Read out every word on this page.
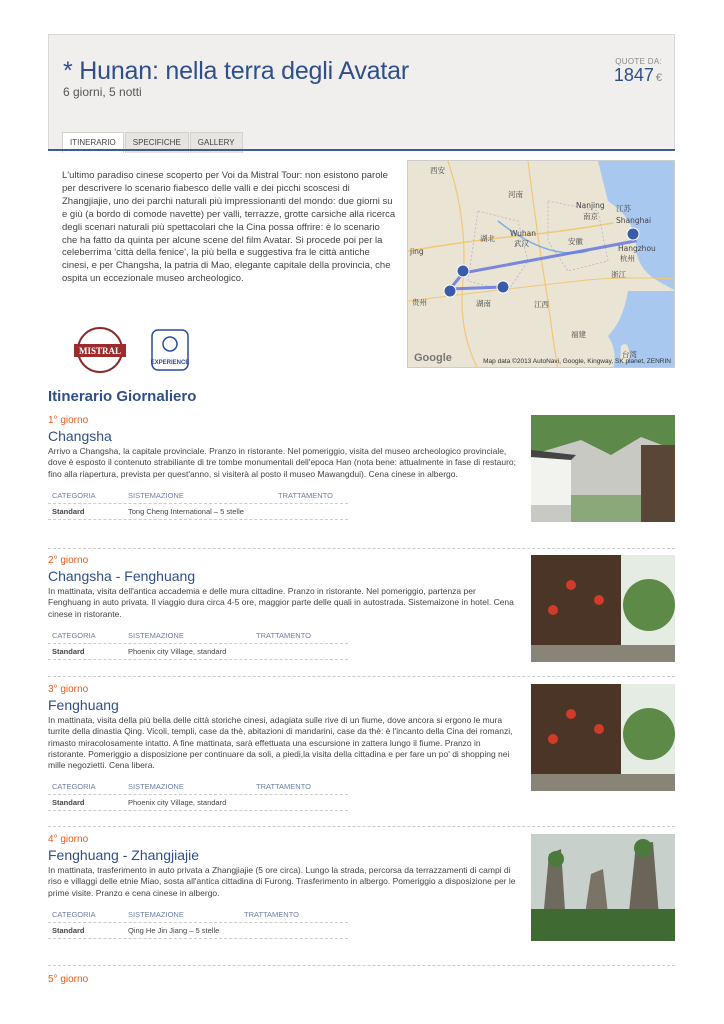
* Hunan: nella terra degli Avatar
6 giorni, 5 notti
QUOTE DA:
1847 €
ITINERARIO	SPECIFICHE	GALLERY

L'ultimo paradiso cinese scoperto per Voi da Mistral Tour: non esistono parole per descrivere lo scenario fiabesco delle valli e dei picchi scoscesi di Zhangjiajie, uno dei parchi naturali più impressionanti del mondo: due giorni su e giù (a bordo di comode navette) per valli, terrazze, grotte carsiche alla ricerca degli scenari naturali più spettacolari che la Cina possa offrire: è lo scenario che ha fatto da quinta per alcune scene del film Avatar. Si procede poi per la celeberrima 'città della fenice', la più bella e suggestiva fra le città antiche cinesi, e per Changsha, la patria di Mao, elegante capitale della provincia, che ospita un eccezionale museo archeologico.

西安
河南
Nanjing 江苏
南京 Shanghai
Wuhan
武汉
湖北	安徽
Hangzhou
杭州
jing
浙江
贵州	湖南	江西
福建
台湾
Google	Map data ©2013 AutoNavi, Google, Kingway, SK planet, ZENRIN
MISTRAL
EXPERIENCE
Itinerario Giornaliero
1° giorno
Changsha

Arrivo a Changsha, la capitale provinciale. Pranzo in ristorante. Nel pomeriggio, visita del museo archeologico provinciale, dove è esposto il contenuto strabiliante di tre tombe monumentali dell'epoca Han (nota bene: attualmente in fase di restauro; fino alla riapertura, prevista per quest'anno, si visiterà al posto il museo Mawangdui). Cena cinese in albergo.

CATEGORIA	SISTEMAZIONE	TRATTAMENTO
Standard	Tong Cheng International – 5 stelle
2° giorno
Changsha - Fenghuang

In mattinata, visita dell'antica accademia e delle mura cittadine. Pranzo in ristorante. Nel pomeriggio, partenza per Fenghuang in auto privata. Il viaggio dura circa 4-5 ore, maggior parte delle quali in autostrada. Sistemaizone in hotel. Cena cinese in ristorante.

CATEGORIA	SISTEMAZIONE	TRATTAMENTO
Standard	Phoenix city Village, standard
3° giorno
Fenghuang

In mattinata, visita della più bella delle città storiche cinesi, adagiata sulle rive di un fiume, dove ancora si ergono le mura turrite della dinastia Qing. Vicoli, templi, case da thè, abitazioni di mandarini, case da thè: è l'incanto della Cina dei romanzi, rimasto miracolosamente intatto. A fine mattinata, sarà effettuata una escursione in zattera lungo il fiume. Pranzo in ristorante. Pomeriggio a disposizione per continuare da soli, a piedi,la visita della cittadina e per fare un po' di shopping nei mille negozietti. Cena libera.

CATEGORIA	SISTEMAZIONE	TRATTAMENTO
Standard	Phoenix city Village, standard
4° giorno
Fenghuang - Zhangjiajie

In mattinata, trasferimento in auto privata a Zhangjiajie (5 ore circa). Lungo la strada, percorsa da terrazzamenti di campi di riso e villaggi delle etnie Miao, sosta all'antica cittadina di Furong. Trasferimento in albergo. Pomeriggio a disposizione per le prime visite. Pranzo e cena cinese in albergo.

CATEGORIA	SISTEMAZIONE	TRATTAMENTO
Standard	Qing He Jin Jiang – 5 stelle
5° giorno
